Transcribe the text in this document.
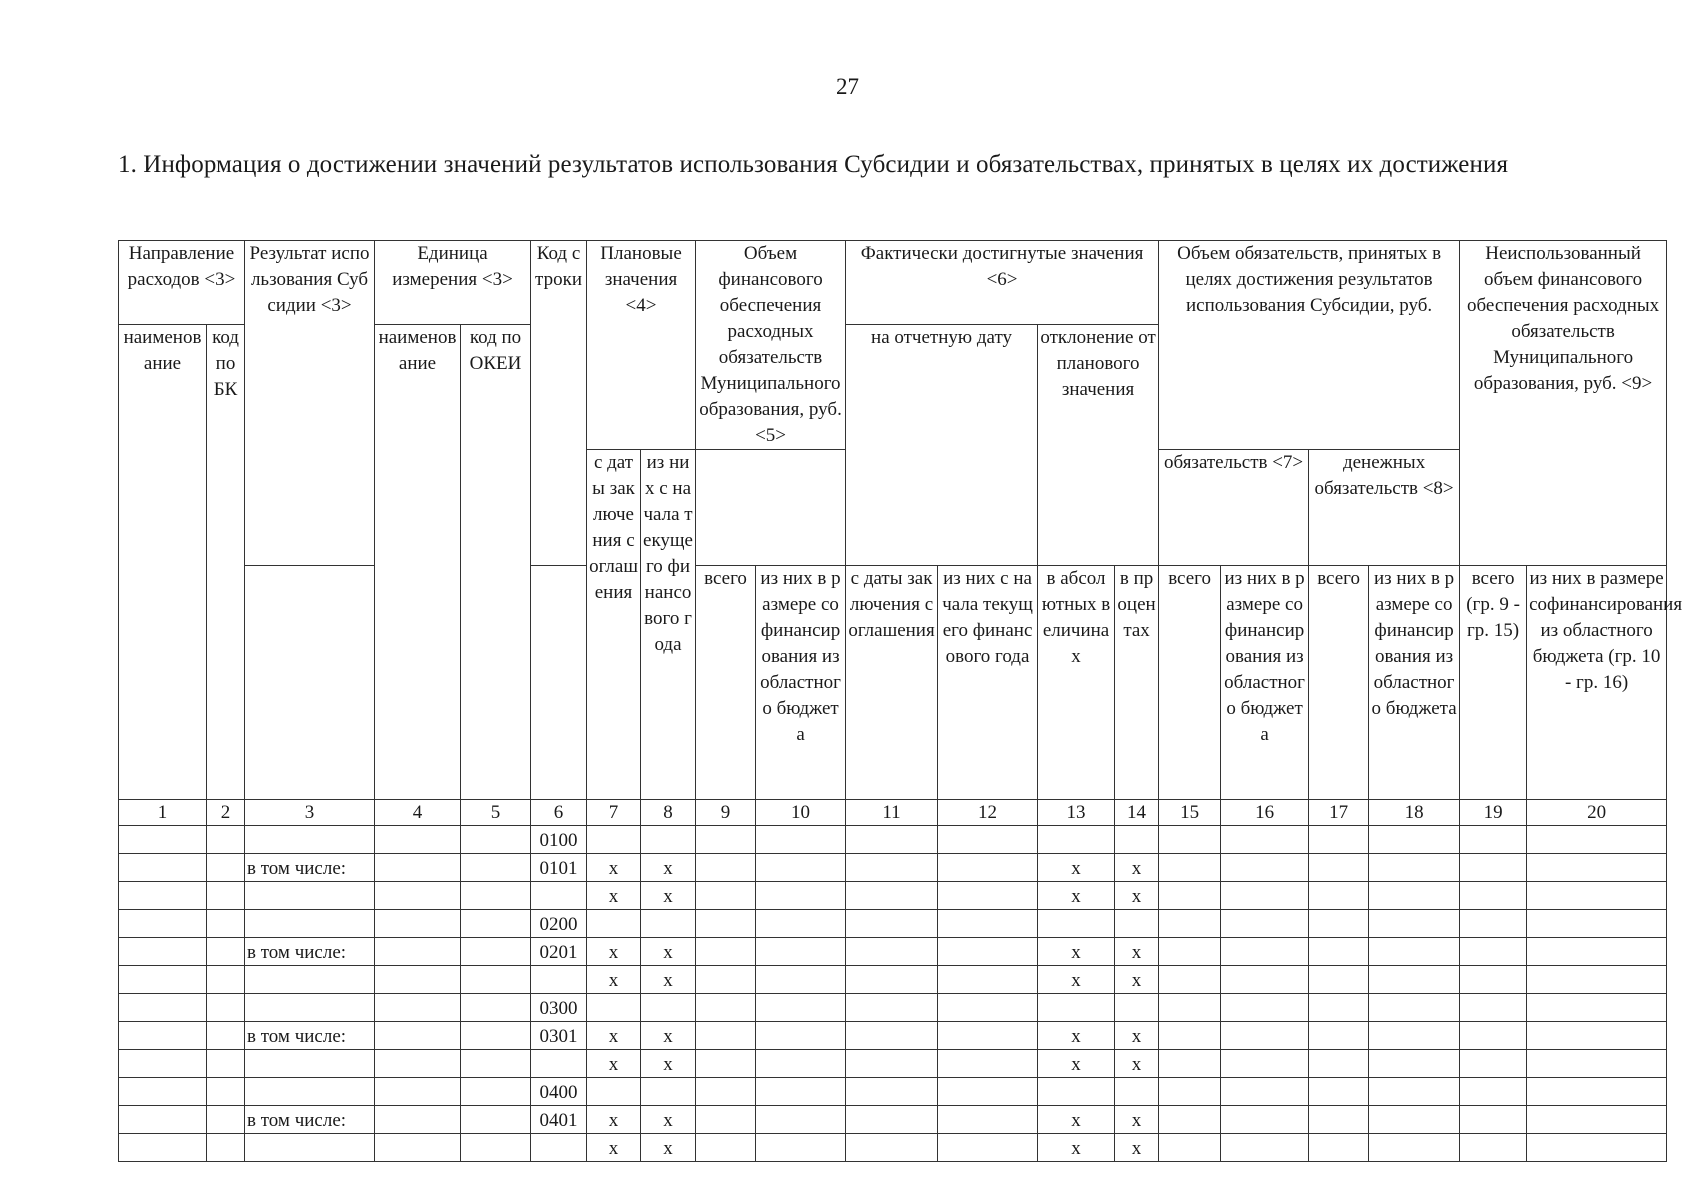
27
1. Информация о достижении значений результатов использования Субсидии и обязательствах, принятых в целях их достижения
Направление расходов <3>		Результат использования Субсидии <3>	Единица измерения <3>		Код строки	Плановые значения <4>		Объем финансового обеспечения расходных обязательств Муниципального образования, руб. <5>		Фактически достигнутые значения <6>				Объем обязательств, принятых в целях достижения результатов использования Субсидии, руб.				Неиспользованный объем финансового обеспечения расходных обязательств Муниципального образования, руб. <9>	
наименование	код по БК		наименование	код по ОКЕИ						на отчетную дату		отклонение от планового значения							
						с даты заключения соглашения	из них с начала текущего финансового года							обязательств <7>		денежных обязательств <8>			
								всего	из них в размере софинансирования из областного бюджета	с даты заключения соглашения	из них с начала текущего финансового года	в абсолютных величинах	в процентах	всего	из них в размере софинансирования из областного бюджета	всего	из них в размере софинансирования из областного бюджета	всего (гр. 9 - гр. 15)	из них в размере софинансирования из областного бюджета (гр. 10 - гр. 16)
1	2	3	4	5	6	7	8	9	10	11	12	13	14	15	16	17	18	19	20
					0100														
		в том числе:			0101	x	x					x	x						
						x	x					x	x						
					0200														
		в том числе:			0201	x	x					x	x						
						x	x					x	x						
					0300														
		в том числе:			0301	x	x					x	x						
						x	x					x	x						
					0400														
		в том числе:			0401	x	x					x	x						
						x	x					x	x						
